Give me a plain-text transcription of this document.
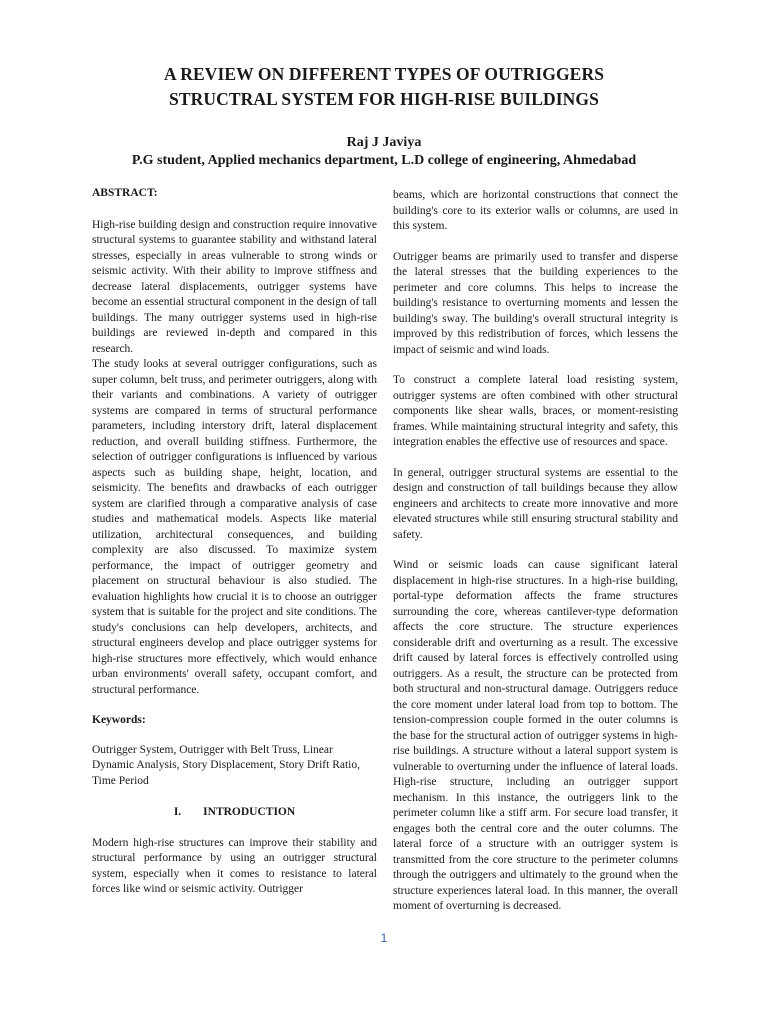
A REVIEW ON DIFFERENT TYPES OF OUTRIGGERS
STRUCTRAL SYSTEM FOR HIGH-RISE BUILDINGS
Raj J Javiya
P.G student, Applied mechanics department, L.D college of engineering, Ahmedabad
ABSTRACT:

High-rise building design and construction require innovative structural systems to guarantee stability and withstand lateral stresses, especially in areas vulnerable to strong winds or seismic activity. With their ability to improve stiffness and decrease lateral displacements, outrigger systems have become an essential structural component in the design of tall buildings. The many outrigger systems used in high-rise buildings are reviewed in-depth and compared in this research.

The study looks at several outrigger configurations, such as super column, belt truss, and perimeter outriggers, along with their variants and combinations. A variety of outrigger systems are compared in terms of structural performance parameters, including interstory drift, lateral displacement reduction, and overall building stiffness. Furthermore, the selection of outrigger configurations is influenced by various aspects such as building shape, height, location, and seismicity. The benefits and drawbacks of each outrigger system are clarified through a comparative analysis of case studies and mathematical models. Aspects like material utilization, architectural consequences, and building complexity are also discussed. To maximize system performance, the impact of outrigger geometry and placement on structural behaviour is also studied. The evaluation highlights how crucial it is to choose an outrigger system that is suitable for the project and site conditions. The study's conclusions can help developers, architects, and structural engineers develop and place outrigger systems for high-rise structures more effectively, which would enhance urban environments' overall safety, occupant comfort, and structural performance.

Keywords:

Outrigger System, Outrigger with Belt Truss, Linear Dynamic Analysis, Story Displacement, Story Drift Ratio, Time Period

I. INTRODUCTION

Modern high-rise structures can improve their stability and structural performance by using an outrigger structural system, especially when it comes to resistance to lateral forces like wind or seismic activity. Outrigger

beams, which are horizontal constructions that connect the building's core to its exterior walls or columns, are used in this system.

Outrigger beams are primarily used to transfer and disperse the lateral stresses that the building experiences to the perimeter and core columns. This helps to increase the building's resistance to overturning moments and lessen the building's sway. The building's overall structural integrity is improved by this redistribution of forces, which lessens the impact of seismic and wind loads.

To construct a complete lateral load resisting system, outrigger systems are often combined with other structural components like shear walls, braces, or moment-resisting frames. While maintaining structural integrity and safety, this integration enables the effective use of resources and space.

In general, outrigger structural systems are essential to the design and construction of tall buildings because they allow engineers and architects to create more innovative and more elevated structures while still ensuring structural stability and safety.

Wind or seismic loads can cause significant lateral displacement in high-rise structures. In a high-rise building, portal-type deformation affects the frame structures surrounding the core, whereas cantilever-type deformation affects the core structure. The structure experiences considerable drift and overturning as a result. The excessive drift caused by lateral forces is effectively controlled using outriggers. As a result, the structure can be protected from both structural and non-structural damage. Outriggers reduce the core moment under lateral load from top to bottom. The tension-compression couple formed in the outer columns is the base for the structural action of outrigger systems in high-rise buildings. A structure without a lateral support system is vulnerable to overturning under the influence of lateral loads. High-rise structure, including an outrigger support mechanism. In this instance, the outriggers link to the perimeter column like a stiff arm. For secure load transfer, it engages both the central core and the outer columns. The lateral force of a structure with an outrigger system is transmitted from the core structure to the perimeter columns through the outriggers and ultimately to the ground when the structure experiences lateral load. In this manner, the overall moment of overturning is decreased.

1
